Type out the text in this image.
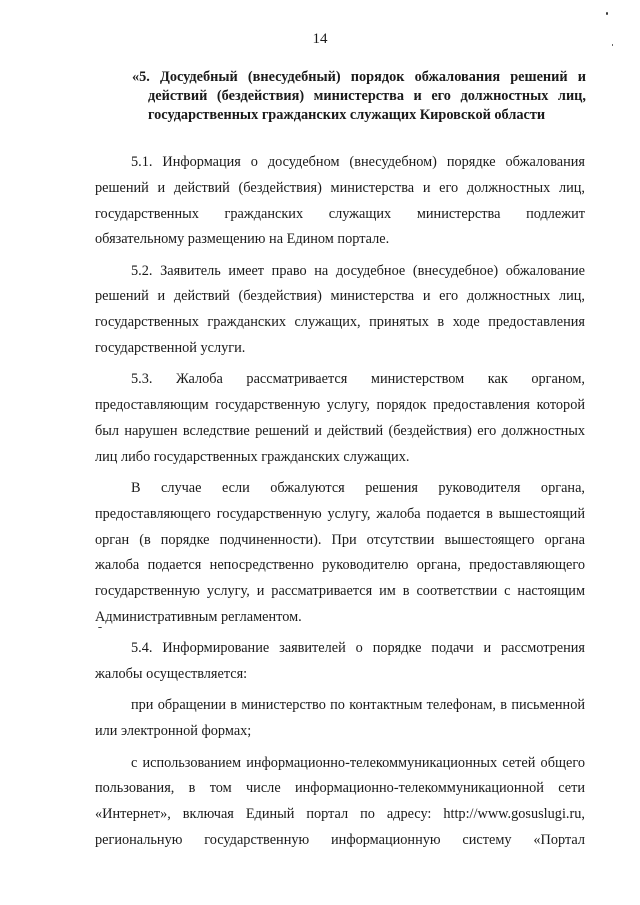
14
«5. Досудебный (внесудебный) порядок обжалования решений и действий (бездействия) министерства и его должностных лиц, государственных гражданских служащих Кировской области

5.1. Информация о досудебном (внесудебном) порядке обжалования решений и действий (бездействия) министерства и его должностных лиц, государственных гражданских служащих министерства подлежит обязательному размещению на Едином портале.

5.2. Заявитель имеет право на досудебное (внесудебное) обжалование решений и действий (бездействия) министерства и его должностных лиц, государственных гражданских служащих, принятых в ходе предоставления государственной услуги.

5.3. Жалоба рассматривается министерством как органом, предоставляющим государственную услугу, порядок предоставления которой был нарушен вследствие решений и действий (бездействия) его должностных лиц либо государственных гражданских служащих.

В случае если обжалуются решения руководителя органа, предоставляющего государственную услугу, жалоба подается в вышестоящий орган (в порядке подчиненности). При отсутствии вышестоящего органа жалоба подается непосредственно руководителю органа, предоставляющего государственную услугу, и рассматривается им в соответствии с настоящим Административным регламентом.

5.4. Информирование заявителей о порядке подачи и рассмотрения жалобы осуществляется:

при обращении в министерство по контактным телефонам, в письменной или электронной формах;

с использованием информационно-телекоммуникационных сетей общего пользования, в том числе информационно-телекоммуникационной сети «Интернет», включая Единый портал по адресу: http://www.gosuslugi.ru, региональную государственную информационную систему «Портал
